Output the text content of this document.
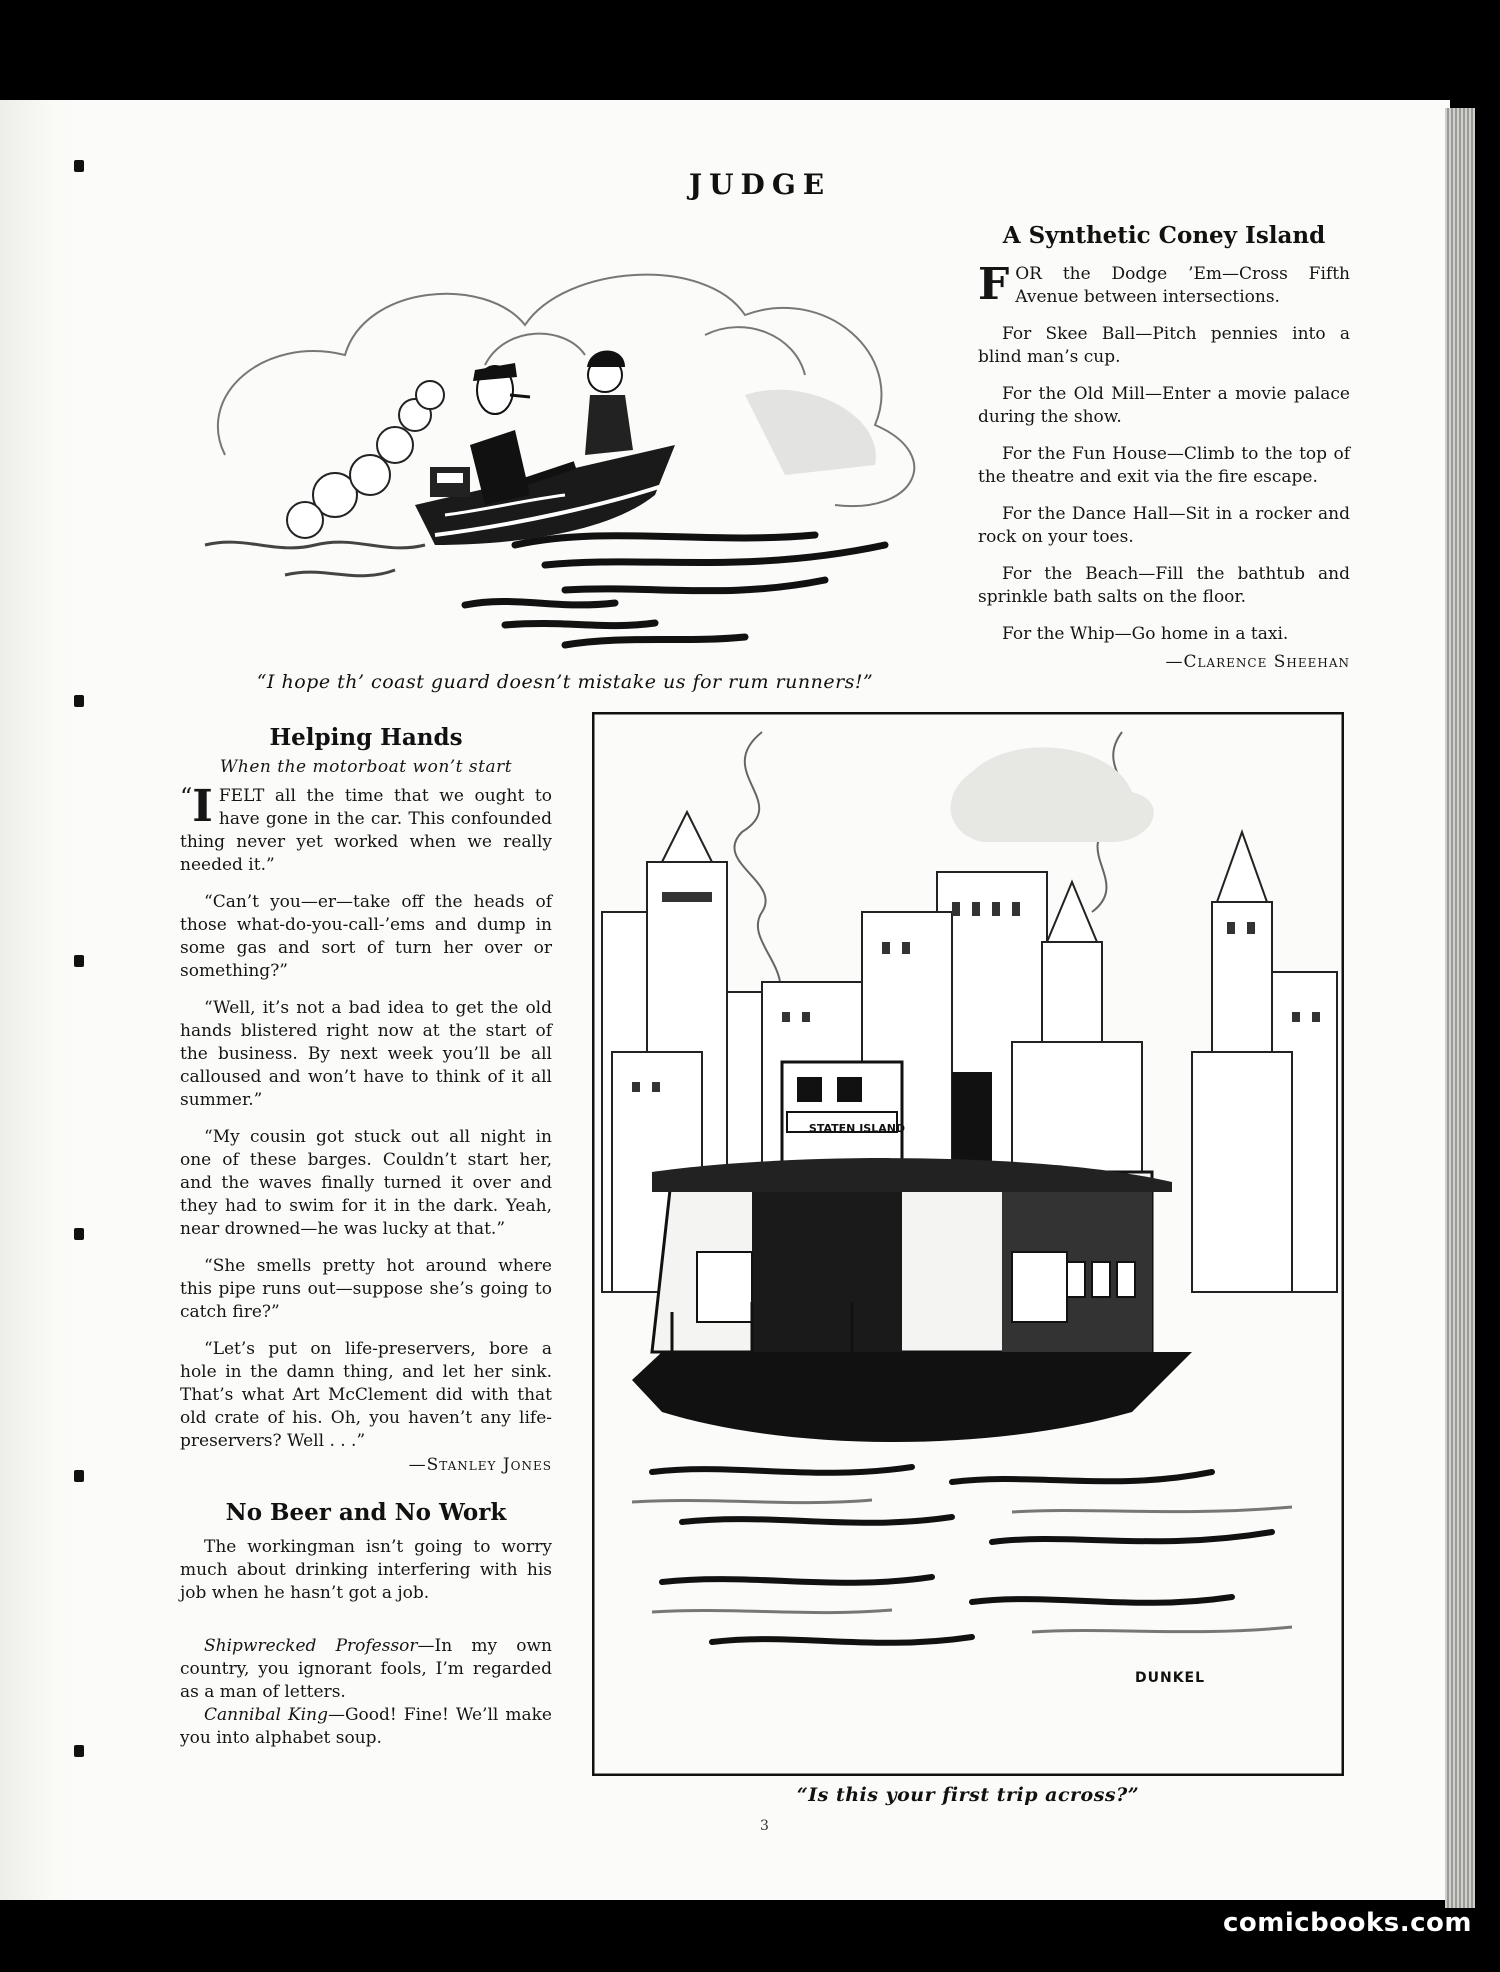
JUDGE
“I hope th’ coast guard doesn’t mistake us for rum runners!”
A Synthetic Coney Island

FOR the Dodge ’Em—Cross Fifth Avenue between intersections.

For Skee Ball—Pitch pennies into a blind man’s cup.

For the Old Mill—Enter a movie palace during the show.

For the Fun House—Climb to the top of the theatre and exit via the fire escape.

For the Dance Hall—Sit in a rocker and rock on your toes.

For the Beach—Fill the bathtub and sprinkle bath salts on the floor.

For the Whip—Go home in a taxi.

—Clarence Sheehan
Helping Hands
When the motorboat won’t start

“ I FELT all the time that we ought to have gone in the car. This confounded thing never yet worked when we really needed it.”

“Can’t you—er—take off the heads of those what-do-you-call-’ems and dump in some gas and sort of turn her over or something?”

“Well, it’s not a bad idea to get the old hands blistered right now at the start of the business. By next week you’ll be all calloused and won’t have to think of it all summer.”

“My cousin got stuck out all night in one of these barges. Couldn’t start her, and the waves finally turned it over and they had to swim for it in the dark. Yeah, near drowned—he was lucky at that.”

“She smells pretty hot around where this pipe runs out—suppose she’s going to catch fire?”

“Let’s put on life-preservers, bore a hole in the damn thing, and let her sink. That’s what Art McClement did with that old crate of his. Oh, you haven’t any life-preservers? Well . . .”

—Stanley Jones
No Beer and No Work

The workingman isn’t going to worry much about drinking interfering with his job when he hasn’t got a job.

Shipwrecked Professor—In my own country, you ignorant fools, I’m regarded as a man of letters.

Cannibal King—Good! Fine! We’ll make you into alphabet soup.

STATEN ISLAND
DUNKEL
“Is this your first trip across?”
3
comicbooks.com
